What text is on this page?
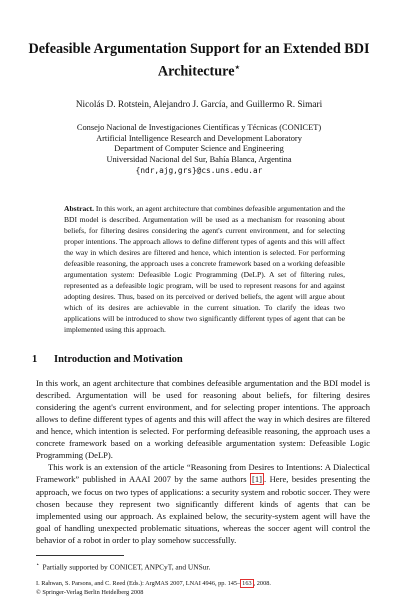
Defeasible Argumentation Support for an Extended BDI Architecture⋆
Nicolás D. Rotstein, Alejandro J. García, and Guillermo R. Simari
Consejo Nacional de Investigaciones Científicas y Técnicas (CONICET)
Artificial Intelligence Research and Development Laboratory
Department of Computer Science and Engineering
Universidad Nacional del Sur, Bahía Blanca, Argentina
{ndr,ajg,grs}@cs.uns.edu.ar
Abstract. In this work, an agent architecture that combines defeasible argumentation and the BDI model is described. Argumentation will be used as a mechanism for reasoning about beliefs, for filtering desires considering the agent's current environment, and for selecting proper intentions. The approach allows to define different types of agents and this will affect the way in which desires are filtered and hence, which intention is selected. For performing defeasible reasoning, the approach uses a concrete framework based on a working defeasible argumentation system: Defeasible Logic Programming (DeLP). A set of filtering rules, represented as a defeasible logic program, will be used to represent reasons for and against adopting desires. Thus, based on its perceived or derived beliefs, the agent will argue about which of its desires are achievable in the current situation. To clarify the ideas two applications will be introduced to show two significantly different types of agent that can be implemented using this approach.
1 Introduction and Motivation

In this work, an agent architecture that combines defeasible argumentation and the BDI model is described. Argumentation will be used for reasoning about beliefs, for filtering desires considering the agent's current environment, and for selecting proper intentions. The approach allows to define different types of agents and this will affect the way in which desires are filtered and hence, which intention is selected. For performing defeasible reasoning, the approach uses a concrete framework based on a working defeasible argumentation system: Defeasible Logic Programming (DeLP).

This work is an extension of the article “Reasoning from Desires to Intentions: A Dialectical Framework” published in AAAI 2007 by the same authors [1] . Here, besides presenting the approach, we focus on two types of applications: a security system and robotic soccer. They were chosen because they represent two significantly different kinds of agents that can be implemented using our approach. As explained below, the security-system agent will have the goal of handling unexpected problematic situations, whereas the soccer agent will control the behavior of a robot in order to play somehow successfully.

⋆ Partially supported by CONICET, ANPCyT, and UNSur.
I. Rahwan, S. Parsons, and C. Reed (Eds.): ArgMAS 2007, LNAI 4946, pp. 145– 163 , 2008.
© Springer-Verlag Berlin Heidelberg 2008
